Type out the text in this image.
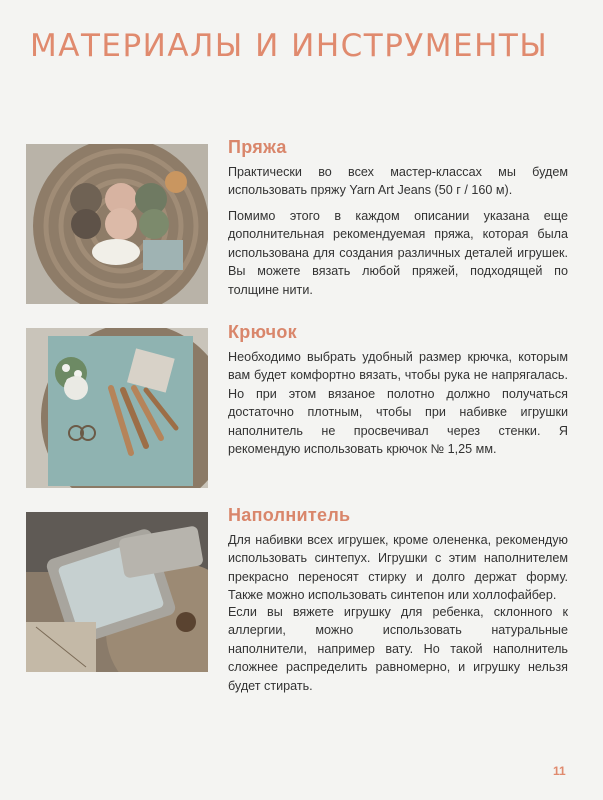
МАТЕРИАЛЫ И ИНСТРУМЕНТЫ
Пряжа

Практически во всех мастер-классах мы будем использовать пряжу Yarn Art Jeans (50 г / 160 м).

Помимо этого в каждом описании указана еще дополнительная рекомендуемая пряжа, которая была использована для создания различных деталей игрушек. Вы можете вязать любой пряжей, подходящей по толщине нити.

Крючок

Необходимо выбрать удобный размер крючка, которым вам будет комфортно вязать, чтобы рука не напрягалась. Но при этом вязаное полотно должно получаться достаточно плотным, чтобы при набивке игрушки наполнитель не просвечивал через стенки. Я рекомендую использовать крючок № 1,25 мм.

Наполнитель

Для набивки всех игрушек, кроме олененка, рекомендую использовать синтепух. Игрушки с этим наполнителем прекрасно переносят стирку и долго держат форму. Также можно использовать синтепон или холлофайбер.

Если вы вяжете игрушку для ребенка, склонного к аллергии, можно использовать натуральные наполнители, например вату. Но такой наполнитель сложнее распределить равномерно, и игрушку нельзя будет стирать.

11
